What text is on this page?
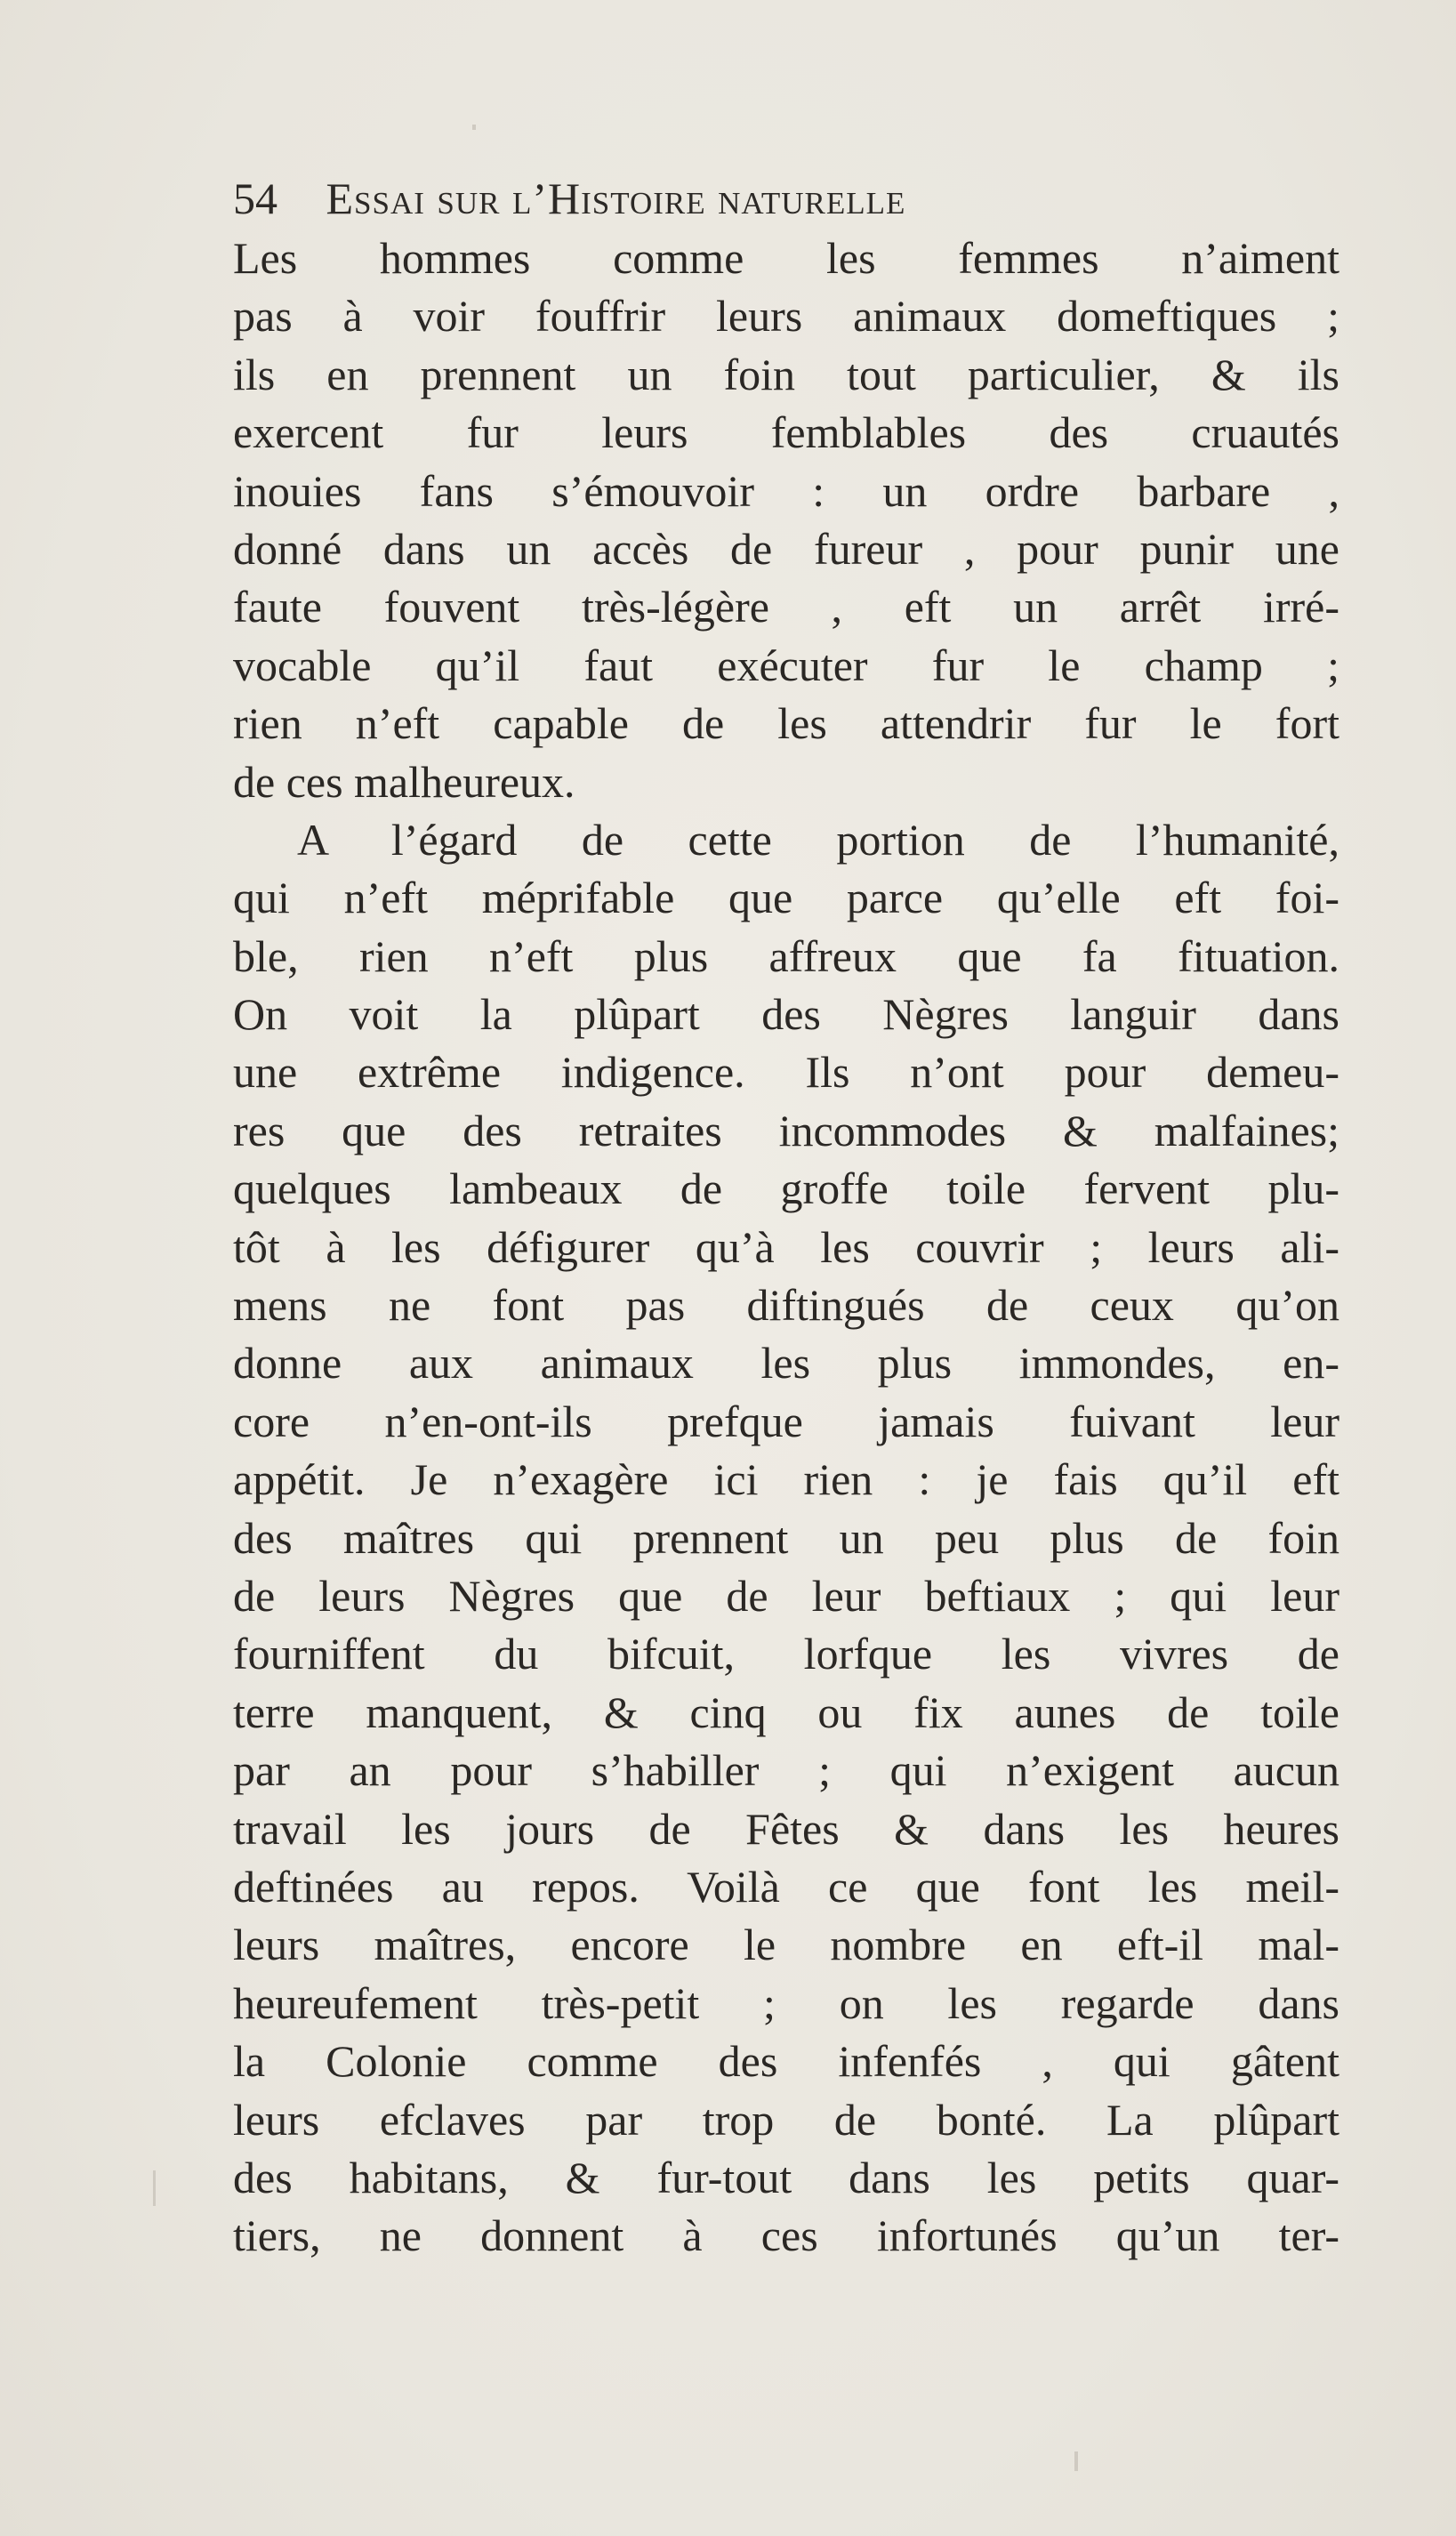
54 Essai sur l’Histoire naturelle
Les hommes comme les femmes n’aiment
pas à voir fouffrir leurs animaux domeftiques ;
ils en prennent un foin tout particulier, & ils
exercent fur leurs femblables des cruautés
inouies fans s’émouvoir : un ordre barbare ,
donné dans un accès de fureur , pour punir une
faute fouvent très-légère , eft un arrêt irré-
vocable qu’il faut exécuter fur le champ ;
rien n’eft capable de les attendrir fur le fort
de ces malheureux.
A l’égard de cette portion de l’humanité,
qui n’eft méprifable que parce qu’elle eft foi-
ble, rien n’eft plus affreux que fa fituation.
On voit la plûpart des Nègres languir dans
une extrême indigence. Ils n’ont pour demeu-
res que des retraites incommodes & malfaines;
quelques lambeaux de groffe toile fervent plu-
tôt à les défigurer qu’à les couvrir ; leurs ali-
mens ne font pas diftingués de ceux qu’on
donne aux animaux les plus immondes, en-
core n’en-ont-ils prefque jamais fuivant leur
appétit. Je n’exagère ici rien : je fais qu’il eft
des maîtres qui prennent un peu plus de foin
de leurs Nègres que de leur beftiaux ; qui leur
fourniffent du bifcuit, lorfque les vivres de
terre manquent, & cinq ou fix aunes de toile
par an pour s’habiller ; qui n’exigent aucun
travail les jours de Fêtes & dans les heures
deftinées au repos. Voilà ce que font les meil-
leurs maîtres, encore le nombre en eft-il mal-
heureufement très-petit ; on les regarde dans
la Colonie comme des infenfés , qui gâtent
leurs efclaves par trop de bonté. La plûpart
des habitans, & fur-tout dans les petits quar-
tiers, ne donnent à ces infortunés qu’un ter-
